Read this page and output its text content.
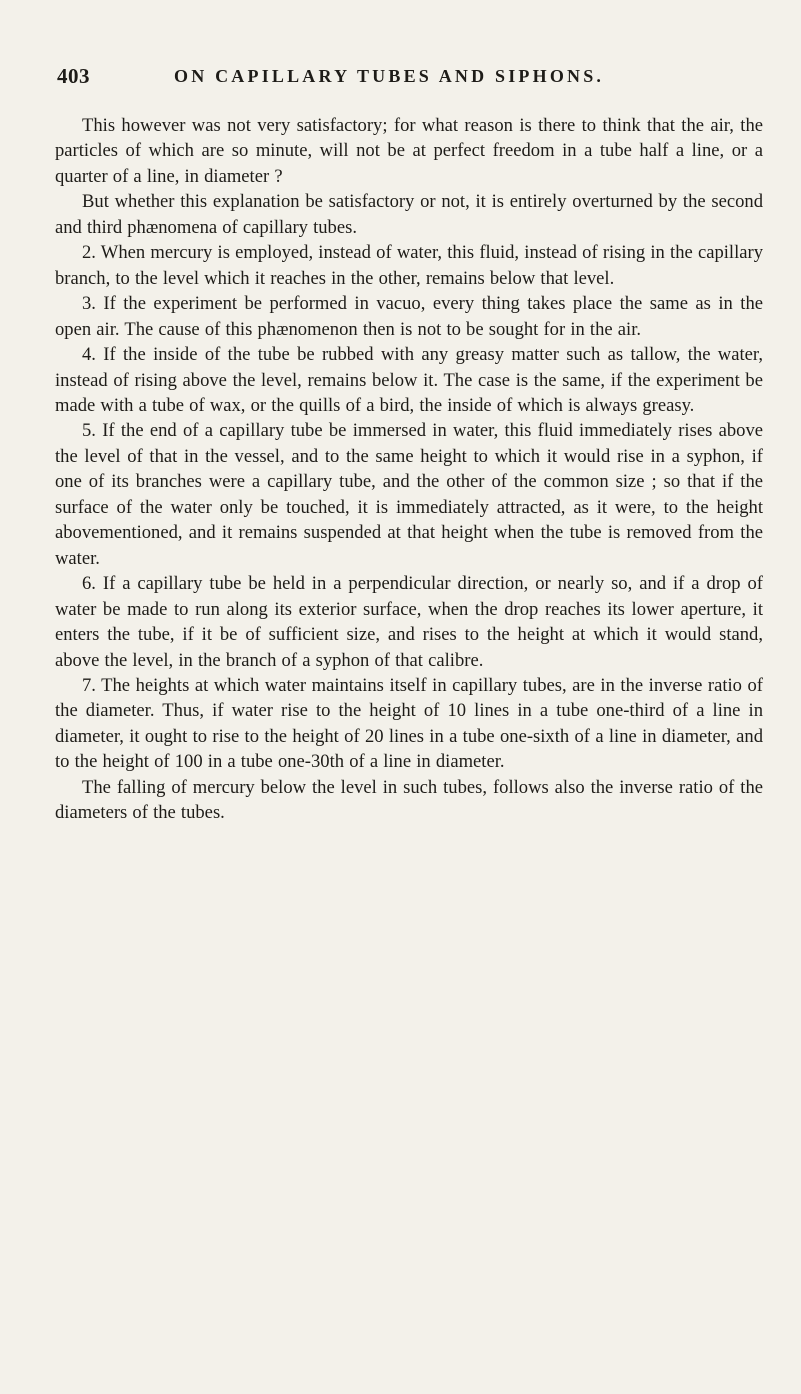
403	ON CAPILLARY TUBES AND SIPHONS.

This however was not very satisfactory; for what reason is there to think that the air, the particles of which are so minute, will not be at perfect freedom in a tube half a line, or a quarter of a line, in diameter ?

But whether this explanation be satisfactory or not, it is entirely overturned by the second and third phænomena of capillary tubes.

2. When mercury is employed, instead of water, this fluid, instead of rising in the capillary branch, to the level which it reaches in the other, remains below that level.

3. If the experiment be performed in vacuo, every thing takes place the same as in the open air. The cause of this phænomenon then is not to be sought for in the air.

4. If the inside of the tube be rubbed with any greasy matter such as tallow, the water, instead of rising above the level, remains below it. The case is the same, if the experiment be made with a tube of wax, or the quills of a bird, the inside of which is always greasy.

5. If the end of a capillary tube be immersed in water, this fluid immediately rises above the level of that in the vessel, and to the same height to which it would rise in a syphon, if one of its branches were a capillary tube, and the other of the common size ; so that if the surface of the water only be touched, it is immediately attracted, as it were, to the height abovementioned, and it remains suspended at that height when the tube is removed from the water.

6. If a capillary tube be held in a perpendicular direction, or nearly so, and if a drop of water be made to run along its exterior surface, when the drop reaches its lower aperture, it enters the tube, if it be of sufficient size, and rises to the height at which it would stand, above the level, in the branch of a syphon of that calibre.

7. The heights at which water maintains itself in capillary tubes, are in the inverse ratio of the diameter. Thus, if water rise to the height of 10 lines in a tube one-third of a line in diameter, it ought to rise to the height of 20 lines in a tube one-sixth of a line in diameter, and to the height of 100 in a tube one-30th of a line in diameter.

The falling of mercury below the level in such tubes, follows also the inverse ratio of the diameters of the tubes.
